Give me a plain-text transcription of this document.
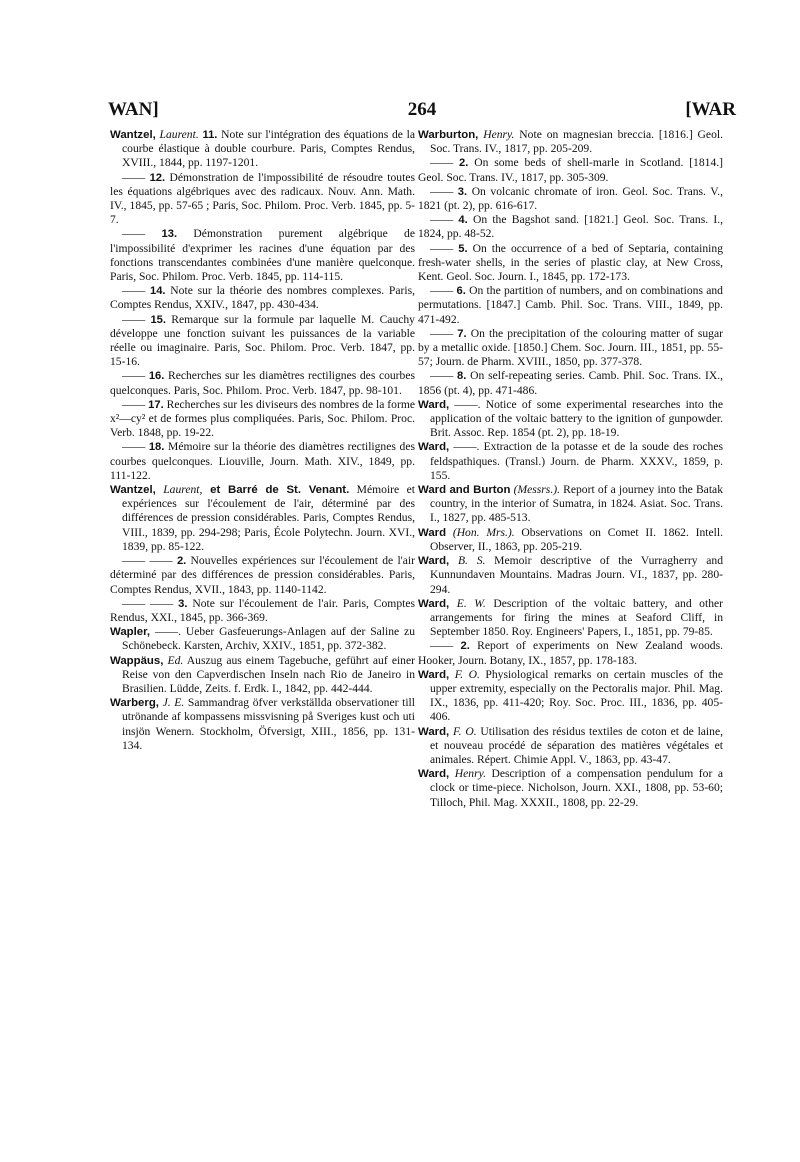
WAN]	264	[WAR

Wantzel, Laurent. 11. Note sur l'intégration des équations de la courbe élastique à double courbure. Paris, Comptes Rendus, XVIII., 1844, pp. 1197-1201.

—— 12. Démonstration de l'impossibilité de résoudre toutes les équations algébriques avec des radicaux. Nouv. Ann. Math. IV., 1845, pp. 57-65 ; Paris, Soc. Philom. Proc. Verb. 1845, pp. 5-7.

—— 13. Démonstration purement algébrique de l'impossibilité d'exprimer les racines d'une équation par des fonctions transcendantes combinées d'une manière quelconque. Paris, Soc. Philom. Proc. Verb. 1845, pp. 114-115.

—— 14. Note sur la théorie des nombres complexes. Paris, Comptes Rendus, XXIV., 1847, pp. 430-434.

—— 15. Remarque sur la formule par laquelle M. Cauchy développe une fonction suivant les puissances de la variable réelle ou imaginaire. Paris, Soc. Philom. Proc. Verb. 1847, pp. 15-16.

—— 16. Recherches sur les diamètres rectilignes des courbes quelconques. Paris, Soc. Philom. Proc. Verb. 1847, pp. 98-101.

—— 17. Recherches sur les diviseurs des nombres de la forme x²—cy² et de formes plus compliquées. Paris, Soc. Philom. Proc. Verb. 1848, pp. 19-22.

—— 18. Mémoire sur la théorie des diamètres rectilignes des courbes quelconques. Liouville, Journ. Math. XIV., 1849, pp. 111-122.

Wantzel, Laurent, et Barré de St. Venant. Mémoire et expériences sur l'écoulement de l'air, déterminé par des différences de pression considérables. Paris, Comptes Rendus, VIII., 1839, pp. 294-298; Paris, École Polytechn. Journ. XVI., 1839, pp. 85-122.

—— —— 2. Nouvelles expériences sur l'écoulement de l'air déterminé par des différences de pression considérables. Paris, Comptes Rendus, XVII., 1843, pp. 1140-1142.

—— —— 3. Note sur l'écoulement de l'air. Paris, Comptes Rendus, XXI., 1845, pp. 366-369.

Wapler, ——. Ueber Gasfeuerungs-Anlagen auf der Saline zu Schönebeck. Karsten, Archiv, XXIV., 1851, pp. 372-382.

Wappäus, Ed. Auszug aus einem Tagebuche, geführt auf einer Reise von den Capverdischen Inseln nach Rio de Janeiro in Brasilien. Lüdde, Zeits. f. Erdk. I., 1842, pp. 442-444.

Warberg, J. E. Sammandrag öfver verkställda observationer till utrönande af kompassens missvisning på Sveriges kust och uti insjön Wenern. Stockholm, Öfversigt, XIII., 1856, pp. 131-134.

Warburton, Henry. Note on magnesian breccia. [1816.] Geol. Soc. Trans. IV., 1817, pp. 205-209.

—— 2. On some beds of shell-marle in Scotland. [1814.] Geol. Soc. Trans. IV., 1817, pp. 305-309.

—— 3. On volcanic chromate of iron. Geol. Soc. Trans. V., 1821 (pt. 2), pp. 616-617.

—— 4. On the Bagshot sand. [1821.] Geol. Soc. Trans. I., 1824, pp. 48-52.

—— 5. On the occurrence of a bed of Septaria, containing fresh-water shells, in the series of plastic clay, at New Cross, Kent. Geol. Soc. Journ. I., 1845, pp. 172-173.

—— 6. On the partition of numbers, and on combinations and permutations. [1847.] Camb. Phil. Soc. Trans. VIII., 1849, pp. 471-492.

—— 7. On the precipitation of the colouring matter of sugar by a metallic oxide. [1850.] Chem. Soc. Journ. III., 1851, pp. 55-57; Journ. de Pharm. XVIII., 1850, pp. 377-378.

—— 8. On self-repeating series. Camb. Phil. Soc. Trans. IX., 1856 (pt. 4), pp. 471-486.

Ward, ——. Notice of some experimental researches into the application of the voltaic battery to the ignition of gunpowder. Brit. Assoc. Rep. 1854 (pt. 2), pp. 18-19.

Ward, ——. Extraction de la potasse et de la soude des roches feldspathiques. (Transl.) Journ. de Pharm. XXXV., 1859, p. 155.

Ward and Burton (Messrs.). Report of a journey into the Batak country, in the interior of Sumatra, in 1824. Asiat. Soc. Trans. I., 1827, pp. 485-513.

Ward (Hon. Mrs.). Observations on Comet II. 1862. Intell. Observer, II., 1863, pp. 205-219.

Ward, B. S. Memoir descriptive of the Vurragherry and Kunnundaven Mountains. Madras Journ. VI., 1837, pp. 280-294.

Ward, E. W. Description of the voltaic battery, and other arrangements for firing the mines at Seaford Cliff, in September 1850. Roy. Engineers' Papers, I., 1851, pp. 79-85.

—— 2. Report of experiments on New Zealand woods. Hooker, Journ. Botany, IX., 1857, pp. 178-183.

Ward, F. O. Physiological remarks on certain muscles of the upper extremity, especially on the Pectoralis major. Phil. Mag. IX., 1836, pp. 411-420; Roy. Soc. Proc. III., 1836, pp. 405-406.

Ward, F. O. Utilisation des résidus textiles de coton et de laine, et nouveau procédé de séparation des matières végétales et animales. Répert. Chimie Appl. V., 1863, pp. 43-47.

Ward, Henry. Description of a compensation pendulum for a clock or time-piece. Nicholson, Journ. XXI., 1808, pp. 53-60; Tilloch, Phil. Mag. XXXII., 1808, pp. 22-29.
